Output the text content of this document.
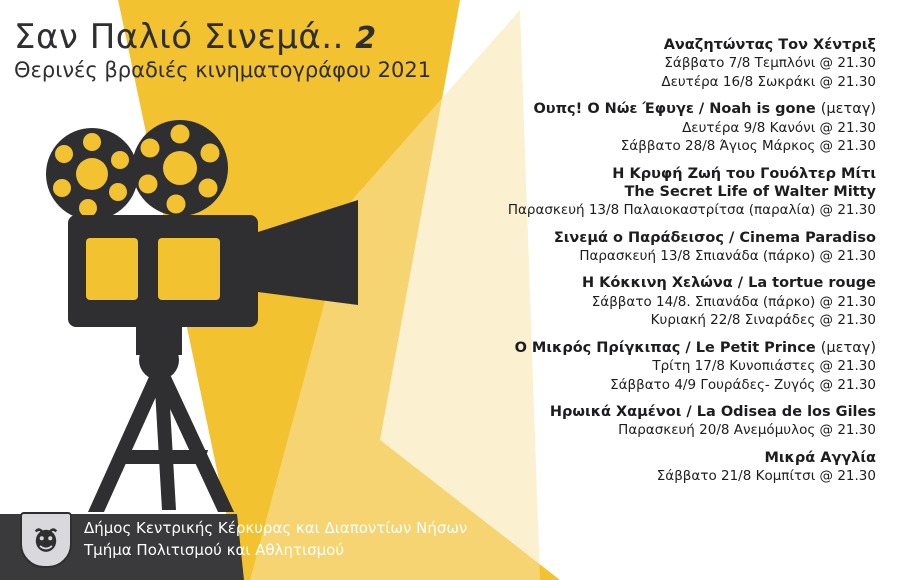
Σαν Παλιό Σινεμά.. 2
Θερινές βραδιές κινηματογράφου 2021
Αναζητώντας Τον Χέντριξ
Σάββατο 7/8 Τεμπλόνι @ 21.30
Δευτέρα 16/8 Σωκράκι @ 21.30
Ουπς! Ο Νώε Έφυγε / Noah is gone (μεταγ)
Δευτέρα 9/8 Κανόνι @ 21.30
Σάββατο 28/8 Άγιος Μάρκος @ 21.30
Η Κρυφή Ζωή του Γουόλτερ Μίτι
The Secret Life of Walter Mitty
Παρασκευή 13/8 Παλαιοκαστρίτσα (παραλία) @ 21.30
Σινεμά ο Παράδεισος / Cinema Paradiso
Παρασκευή 13/8 Σπιανάδα (πάρκο) @ 21.30
Η Κόκκινη Χελώνα / La tortue rouge
Σάββατο 14/8. Σπιανάδα (πάρκο) @ 21.30
Κυριακή 22/8 Σιναράδες @ 21.30
Ο Μικρός Πρίγκιπας / Le Petit Prince (μεταγ)
Τρίτη 17/8 Κυνοπιάστες @ 21.30
Σάββατο 4/9 Γουράδες- Ζυγός @ 21.30
Ηρωικά Χαμένοι / La Odisea de los Giles
Παρασκευή 20/8 Ανεμόμυλος @ 21.30
Μικρά Αγγλία
Σάββατο 21/8 Κομπίτσι @ 21.30
Δήμος Κεντρικής Κέρκυρας και Διαποντίων Νήσων
Τμήμα Πολιτισμού και Αθλητισμού
